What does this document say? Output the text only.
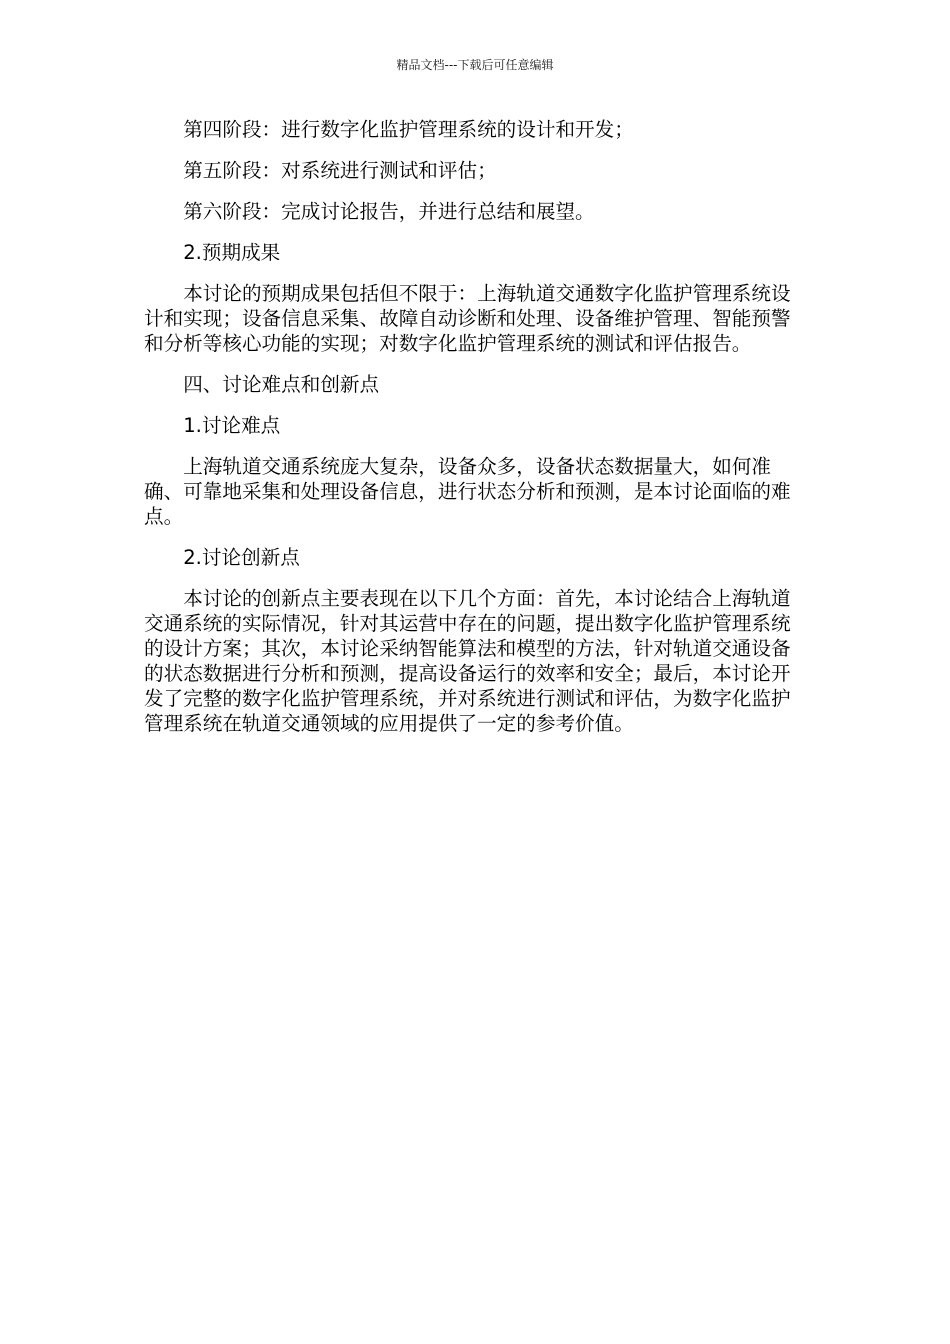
精品文档---下载后可任意编辑

第四阶段：进行数字化监护管理系统的设计和开发；

第五阶段：对系统进行测试和评估；

第六阶段：完成讨论报告，并进行总结和展望。

2.预期成果

本讨论的预期成果包括但不限于：上海轨道交通数字化监护管理系统设计和实现；设备信息采集、故障自动诊断和处理、设备维护管理、智能预警和分析等核心功能的实现；对数字化监护管理系统的测试和评估报告。

四、讨论难点和创新点

1.讨论难点

上海轨道交通系统庞大复杂，设备众多，设备状态数据量大，如何准确、可靠地采集和处理设备信息，进行状态分析和预测，是本讨论面临的难点。

2.讨论创新点

本讨论的创新点主要表现在以下几个方面：首先，本讨论结合上海轨道交通系统的实际情况，针对其运营中存在的问题，提出数字化监护管理系统的设计方案；其次，本讨论采纳智能算法和模型的方法，针对轨道交通设备的状态数据进行分析和预测，提高设备运行的效率和安全；最后，本讨论开发了完整的数字化监护管理系统，并对系统进行测试和评估，为数字化监护管理系统在轨道交通领域的应用提供了一定的参考价值。
